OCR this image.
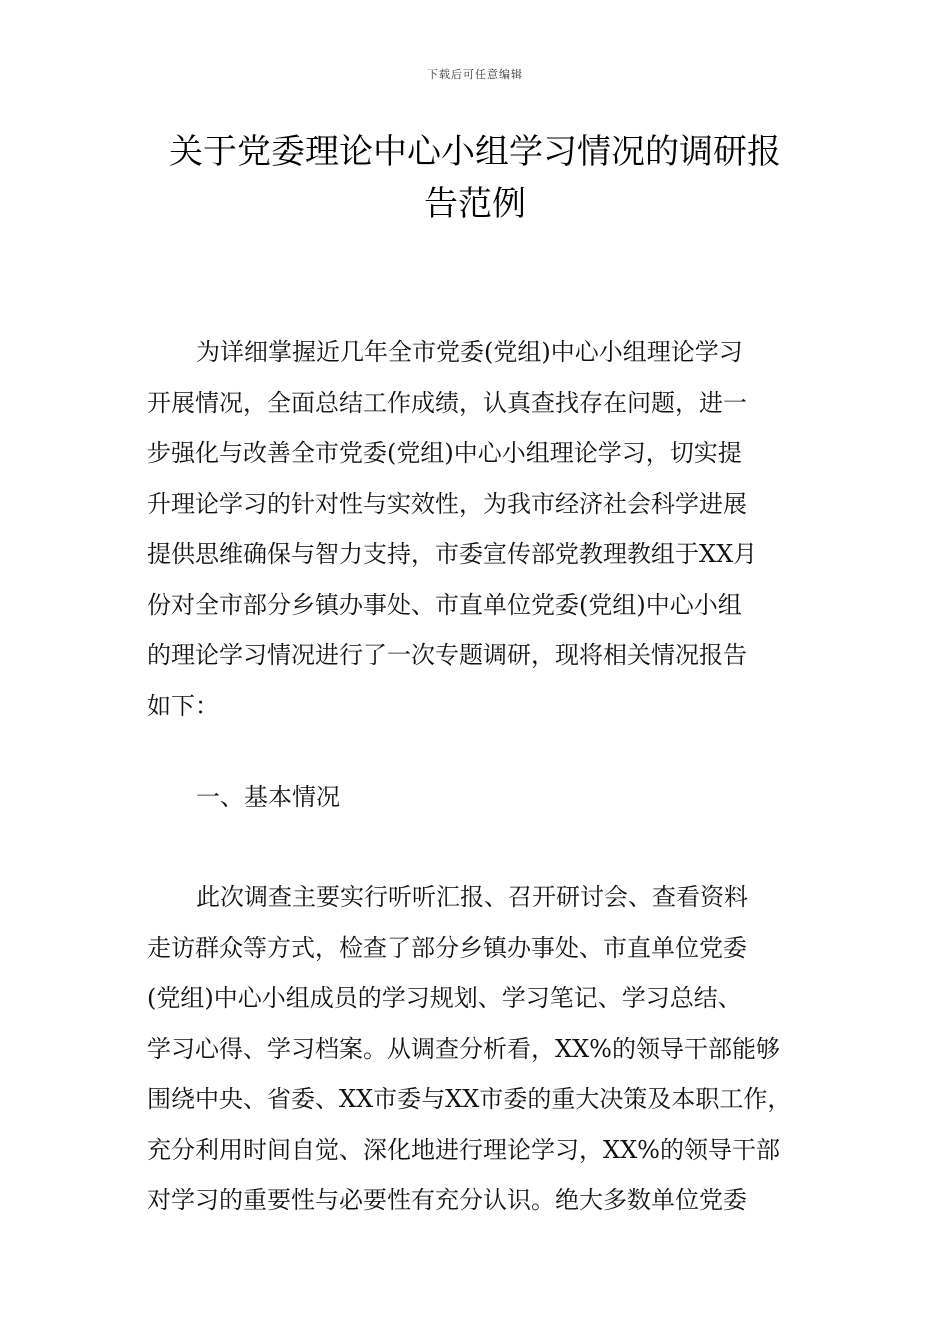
下载后可任意编辑
关于党委理论中心小组学习情况的调研报
告范例
为详细掌握近几年全市党委(党组)中心小组理论学习
开展情况，全面总结工作成绩，认真查找存在问题，进一
步强化与改善全市党委(党组)中心小组理论学习，切实提
升理论学习的针对性与实效性，为我市经济社会科学进展
提供思维确保与智力支持，市委宣传部党教理教组于XX月
份对全市部分乡镇办事处、市直单位党委(党组)中心小组
的理论学习情况进行了一次专题调研，现将相关情况报告
如下：
一、基本情况
此次调查主要实行听听汇报、召开研讨会、查看资料
走访群众等方式，检查了部分乡镇办事处、市直单位党委
(党组)中心小组成员的学习规划、学习笔记、学习总结、
学习心得、学习档案。从调查分析看，XX%的领导干部能够
围绕中央、省委、XX市委与XX市委的重大决策及本职工作，
充分利用时间自觉、深化地进行理论学习，XX%的领导干部
对学习的重要性与必要性有充分认识。绝大多数单位党委
